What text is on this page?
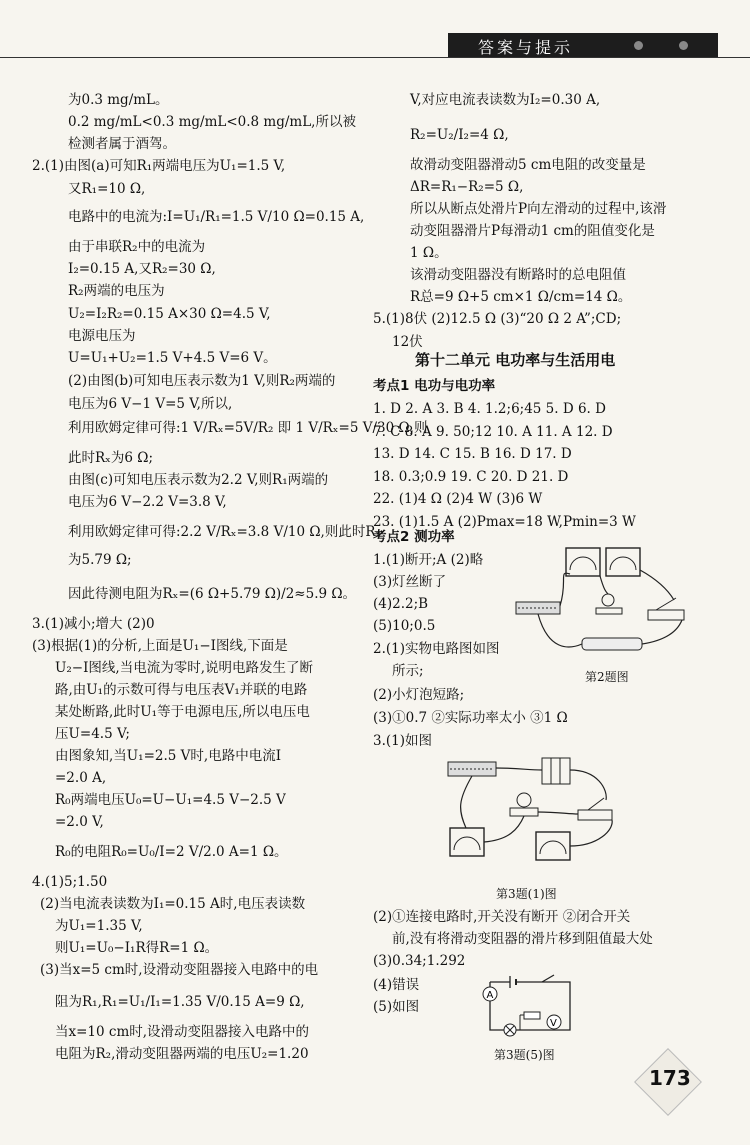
答案与提示
为0.3 mg/mL。
0.2 mg/mL<0.3 mg/mL<0.8 mg/mL,所以被
检测者属于酒驾。
2.(1)由图(a)可知R₁两端电压为U₁=1.5 V,
又R₁=10 Ω,
电路中的电流为:I=U₁/R₁=1.5 V/10 Ω=0.15 A,
由于串联R₂中的电流为
I₂=0.15 A,又R₂=30 Ω,
R₂两端的电压为
U₂=I₂R₂=0.15 A×30 Ω=4.5 V,
电源电压为
U=U₁+U₂=1.5 V+4.5 V=6 V。
(2)由图(b)可知电压表示数为1 V,则R₂两端的
电压为6 V−1 V=5 V,所以,
利用欧姆定律可得:1 V/Rₓ=5V/R₂ 即 1 V/Rₓ=5 V/30 Ω,则
此时Rₓ为6 Ω;
由图(c)可知电压表示数为2.2 V,则R₁两端的
电压为6 V−2.2 V=3.8 V,
利用欧姆定律可得:2.2 V/Rₓ=3.8 V/10 Ω,则此时Rₓ
为5.79 Ω;
因此待测电阻为Rₓ=(6 Ω+5.79 Ω)/2≈5.9 Ω。
3.(1)减小;增大 (2)0
(3)根据(1)的分析,上面是U₁−I图线,下面是
U₂−I图线,当电流为零时,说明电路发生了断
路,由U₁的示数可得与电压表V₁并联的电路
某处断路,此时U₁等于电源电压,所以电压电
压U=4.5 V;
由图象知,当U₁=2.5 V时,电路中电流I
=2.0 A,
R₀两端电压U₀=U−U₁=4.5 V−2.5 V
=2.0 V,
R₀的电阻R₀=U₀/I=2 V/2.0 A=1 Ω。
4.(1)5;1.50
(2)当电流表读数为I₁=0.15 A时,电压表读数
为U₁=1.35 V,
则U₁=U₀−I₁R得R=1 Ω。
(3)当x=5 cm时,设滑动变阻器接入电路中的电
阻为R₁,R₁=U₁/I₁=1.35 V/0.15 A=9 Ω,
当x=10 cm时,设滑动变阻器接入电路中的
电阻为R₂,滑动变阻器两端的电压U₂=1.20
V,对应电流表读数为I₂=0.30 A,
R₂=U₂/I₂=4 Ω,
故滑动变阻器滑动5 cm电阻的改变量是
ΔR=R₁−R₂=5 Ω,
所以从断点处滑片P向左滑动的过程中,该滑
动变阻器滑片P每滑动1 cm的阻值变化是
1 Ω。
该滑动变阻器没有断路时的总电阻值
R总=9 Ω+5 cm×1 Ω/cm=14 Ω。
5.(1)8伏 (2)12.5 Ω (3)“20 Ω 2 A”;CD;
12伏
第十二单元 电功率与生活用电
考点1 电功与电功率
1. D 2. A 3. B 4. 1.2;6;45 5. D 6. D
7. C 8. A 9. 50;12 10. A 11. A 12. D
13. D 14. C 15. B 16. D 17. D
18. 0.3;0.9 19. C 20. D 21. D
22. (1)4 Ω (2)4 W (3)6 W
23. (1)1.5 A (2)Pmax=18 W,Pmin=3 W
考点2 测功率
1.(1)断开;A (2)略
(3)灯丝断了
(4)2.2;B
(5)10;0.5
2.(1)实物电路图如图
所示;
(2)小灯泡短路;
(3)①0.7 ②实际功率太小 ③1 Ω
3.(1)如图
(2)①连接电路时,开关没有断开 ②闭合开关
前,没有将滑动变阻器的滑片移到阻值最大处
(3)0.34;1.292
(4)错误
(5)如图
第2题图
第3题(1)图
A
V
第3题(5)图
173
